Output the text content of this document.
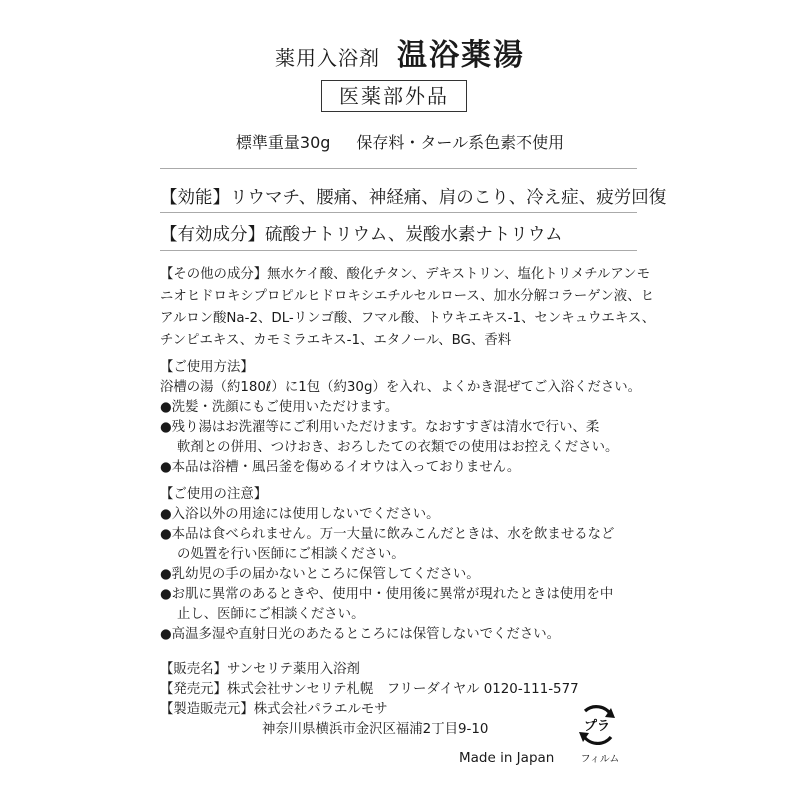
薬用入浴剤 温浴薬湯
医薬部外品
標準重量30g 保存料・タール系色素不使用
【効能】リウマチ、腰痛、神経痛、肩のこり、冷え症、疲労回復
【有効成分】硫酸ナトリウム、炭酸水素ナトリウム
【その他の成分】無水ケイ酸、酸化チタン、デキストリン、塩化トリメチルアンモ
ニオヒドロキシプロピルヒドロキシエチルセルロース、加水分解コラーゲン液、ヒ
アルロン酸Na-2、DL-リンゴ酸、フマル酸、トウキエキス-1、センキュウエキス、
チンピエキス、カモミラエキス-1、エタノール、BG、香料
【ご使用方法】
浴槽の湯（約180ℓ）に1包（約30g）を入れ、よくかき混ぜてご入浴ください。
●洗髪・洗顔にもご使用いただけます。
●残り湯はお洗濯等にご利用いただけます。なおすすぎは清水で行い、柔
軟剤との併用、つけおき、おろしたての衣類での使用はお控えください。
●本品は浴槽・風呂釜を傷めるイオウは入っておりません。
【ご使用の注意】
●入浴以外の用途には使用しないでください。
●本品は食べられません。万一大量に飲みこんだときは、水を飲ませるなど
の処置を行い医師にご相談ください。
●乳幼児の手の届かないところに保管してください。
●お肌に異常のあるときや、使用中・使用後に異常が現れたときは使用を中
止し、医師にご相談ください。
●高温多湿や直射日光のあたるところには保管しないでください。
【販売名】サンセリテ薬用入浴剤
【発売元】株式会社サンセリテ札幌　フリーダイヤル 0120-111-577
【製造販売元】株式会社パラエルモサ
神奈川県横浜市金沢区福浦2丁目9-10
Made in Japan
プラ
フィルム
